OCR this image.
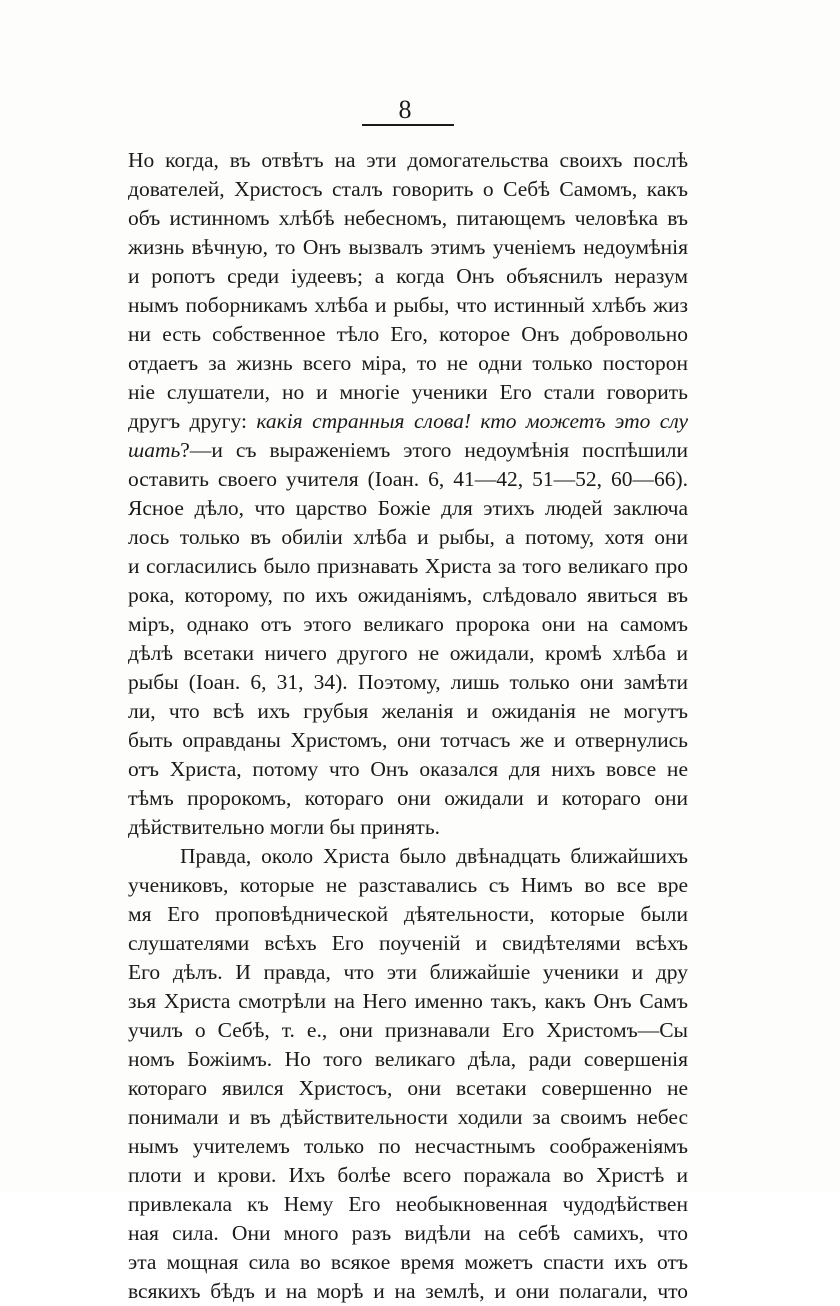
8
Но когда, въ отвѣтъ на эти домогательства своихъ послѣ
дователей, Христосъ сталъ говорить о Себѣ Самомъ, какъ
объ истинномъ хлѣбѣ небесномъ, питающемъ человѣка въ
жизнь вѣчную, то Онъ вызвалъ этимъ ученіемъ недоумѣнія
и ропотъ среди іудеевъ; а когда Онъ объяснилъ неразум
нымъ поборникамъ хлѣба и рыбы, что истинный хлѣбъ жиз
ни есть собственное тѣло Его, которое Онъ добровольно
отдаетъ за жизнь всего міра, то не одни только посторон
ніе слушатели, но и многіе ученики Его стали говорить
другъ другу: какія странныя слова! кто можетъ это слу
шать?—и съ выраженіемъ этого недоумѣнія поспѣшили
оставить своего учителя (Іоан. 6, 41—42, 51—52, 60—66).
Ясное дѣло, что царство Божіе для этихъ людей заключа
лось только въ обиліи хлѣба и рыбы, а потому, хотя они
и согласились было признавать Христа за того великаго про
рока, которому, по ихъ ожиданіямъ, слѣдовало явиться въ
міръ, однако отъ этого великаго пророка они на самомъ
дѣлѣ всетаки ничего другого не ожидали, кромѣ хлѣба и
рыбы (Іоан. 6, 31, 34). Поэтому, лишь только они замѣти
ли, что всѣ ихъ грубыя желанія и ожиданія не могутъ
быть оправданы Христомъ, они тотчасъ же и отвернулись
отъ Христа, потому что Онъ оказался для нихъ вовсе не
тѣмъ пророкомъ, котораго они ожидали и котораго они
дѣйствительно могли бы принять.
Правда, около Христа было двѣнадцать ближайшихъ
учениковъ, которые не разставались съ Нимъ во все вре
мя Его проповѣднической дѣятельности, которые были
слушателями всѣхъ Его поученій и свидѣтелями всѣхъ
Его дѣлъ. И правда, что эти ближайшіе ученики и дру
зья Христа смотрѣли на Него именно такъ, какъ Онъ Самъ
училъ о Себѣ, т. е., они признавали Его Христомъ—Сы
номъ Божіимъ. Но того великаго дѣла, ради совершенія
котораго явился Христосъ, они всетаки совершенно не
понимали и въ дѣйствительности ходили за своимъ небес
нымъ учителемъ только по несчастнымъ соображеніямъ
плоти и крови. Ихъ болѣе всего поражала во Христѣ и
привлекала къ Нему Его необыкновенная чудодѣйствен
ная сила. Они много разъ видѣли на себѣ самихъ, что
эта мощная сила во всякое время можетъ спасти ихъ отъ
всякихъ бѣдъ и на морѣ и на землѣ, и они полагали, что
